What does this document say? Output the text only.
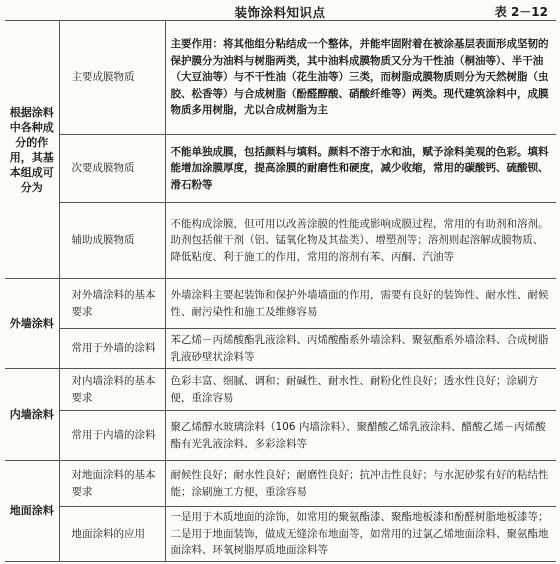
装饰涂料知识点	表 2－12
根据涂料中各种成分的作用，其基本组成可分为	主要成膜物质	主要作用：将其他组分粘结成一个整体，并能牢固附着在被涂基层表面形成坚韧的保护膜分为油料与树脂两类，其中油料成膜物质又分为干性油（桐油等）、半干油（大豆油等）与不干性油（花生油等）三类，而树脂成膜物质则分为天然树脂（虫胶、松香等）与合成树脂（酚醛醇酸、硝酸纤维等）两类。现代建筑涂料中，成膜物质多用树脂，尤以合成树脂为主
	次要成膜物质	不能单独成膜，包括颜料与填料。颜料不溶于水和油，赋予涂料美观的色彩。填料能增加涂膜厚度，提高涂膜的耐磨性和硬度，减少收缩，常用的碳酸钙、硫酸钡、滑石粉等
	辅助成膜物质	不能构成涂膜，但可用以改善涂膜的性能或影响成膜过程，常用的有助剂和溶剂。助剂包括催干剂（铝、锰氧化物及其盐类）、增塑剂等；溶剂则起溶解成膜物质、降低粘度、利于施工的作用，常用的溶剂有苯、丙酮、汽油等
外墙涂料	对外墙涂料的基本要求	外墙涂料主要起装饰和保护外墙墙面的作用，需要有良好的装饰性、耐水性、耐候性、耐污染性和施工及维修容易
	常用于外墙的涂料	苯乙烯－丙烯酸酯乳液涂料、丙烯酸酯系外墙涂料、聚氨酯系外墙涂料、合成树脂乳液砂壁状涂料等
内墙涂料	对内墙涂料的基本要求	色彩丰富、细腻、调和；耐碱性、耐水性、耐粉化性良好；透水性良好；涂刷方便，重涂容易
	常用于内墙的涂料	聚乙烯醇水玻璃涂料（106 内墙涂料）、聚醋酸乙烯乳液涂料、醋酸乙烯－丙烯酸酯有光乳液涂料、多彩涂料等
地面涂料	对地面涂料的基本要求	耐候性良好；耐水性良好；耐磨性良好；抗冲击性良好；与水泥砂浆有好的粘结性能；涂刷施工方便，重涂容易
	地面涂料的应用	一是用于木质地面的涂饰，如常用的聚氨酯漆、聚酯地板漆和酚醛树脂地板漆等；二是用于地面装饰，做成无缝涂布地面等，如常用的过氯乙烯地面涂料、聚氨酯地面涂料、环氧树脂厚质地面涂料等
